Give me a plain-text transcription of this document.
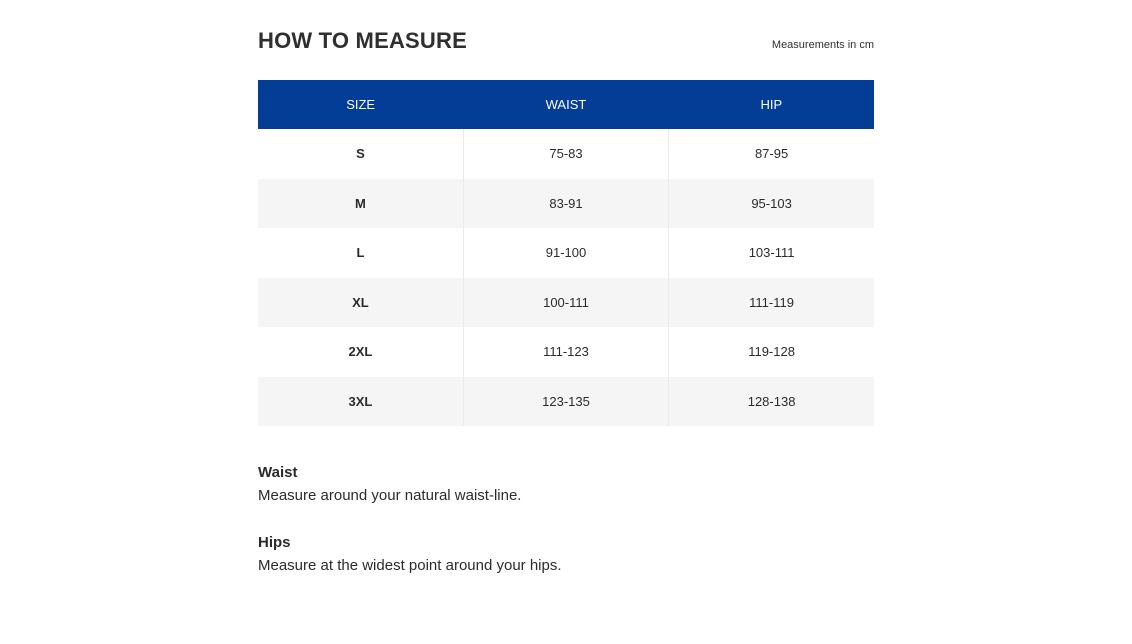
HOW TO MEASURE	Measurements in cm
SIZE	WAIST	HIP
S	75-83	87-95
M	83-91	95-103
L	91-100	103-111
XL	100-111	111-119
2XL	111-123	119-128
3XL	123-135	128-138
Waist
Measure around your natural waist-line.
Hips
Measure at the widest point around your hips.
